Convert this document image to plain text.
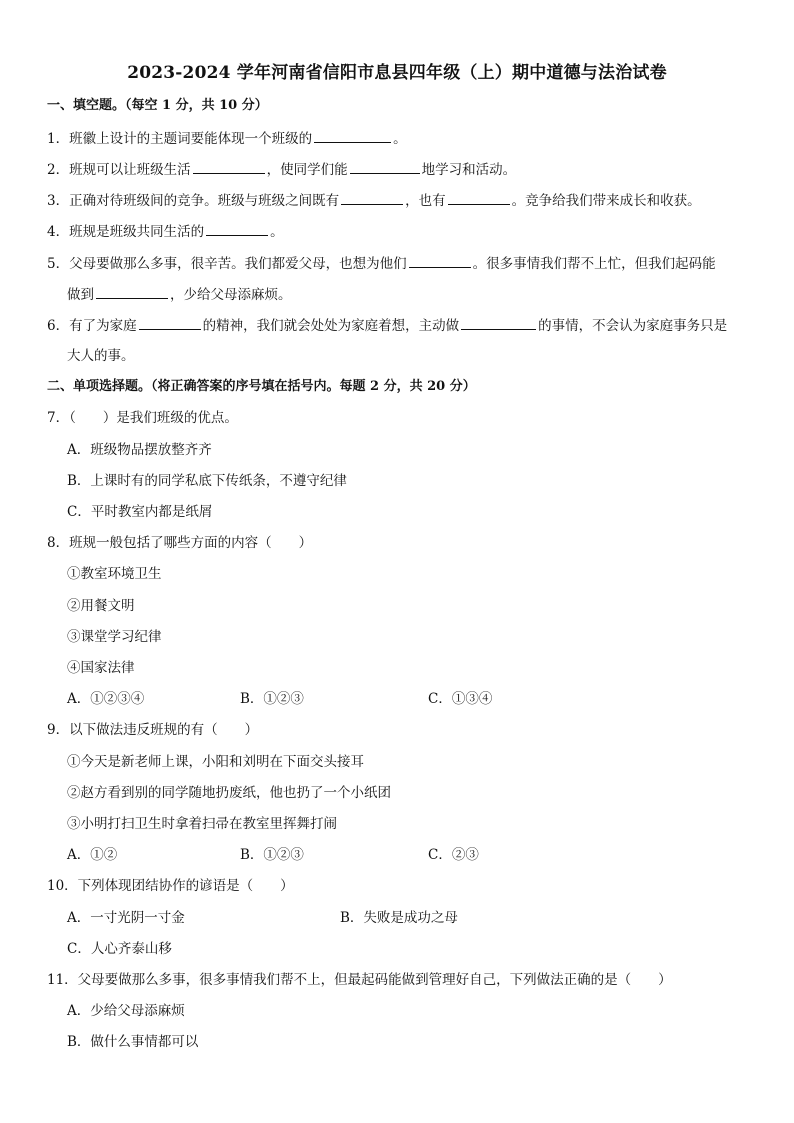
2023-2024 学年河南省信阳市息县四年级（上）期中道德与法治试卷
一、填空题。（每空 1 分，共 10 分）
1．班徽上设计的主题词要能体现一个班级的	。
2．班规可以让班级生活	，使同学们能	地学习和活动。
3．正确对待班级间的竞争。班级与班级之间既有	，也有	。竞争给我们带来成长和收获。
4．班规是班级共同生活的	。
5．父母要做那么多事，很辛苦。我们都爱父母，也想为他们	。很多事情我们帮不上忙，但我们起码能
做到	，少给父母添麻烦。
6．有了为家庭	的精神，我们就会处处为家庭着想，主动做	的事情，不会认为家庭事务只是
大人的事。
二、单项选择题。（将正确答案的序号填在括号内。每题 2 分，共 20 分）
7．（　　）是我们班级的优点。
A．班级物品摆放整齐齐
B．上课时有的同学私底下传纸条，不遵守纪律
C．平时教室内都是纸屑
8．班规一般包括了哪些方面的内容（　　）
①教室环境卫生
②用餐文明
③课堂学习纪律
④国家法律
A．①②③④	B．①②③	C．①③④
9．以下做法违反班规的有（　　）
①今天是新老师上课，小阳和刘明在下面交头接耳
②赵方看到别的同学随地扔废纸，他也扔了一个小纸团
③小明打扫卫生时拿着扫帚在教室里挥舞打闹
A．①②	B．①②③	C．②③
10．下列体现团结协作的谚语是（　　）
A．一寸光阴一寸金	B．失败是成功之母
C．人心齐泰山移
11．父母要做那么多事，很多事情我们帮不上，但最起码能做到管理好自己，下列做法正确的是（　　）
A．少给父母添麻烦
B．做什么事情都可以
